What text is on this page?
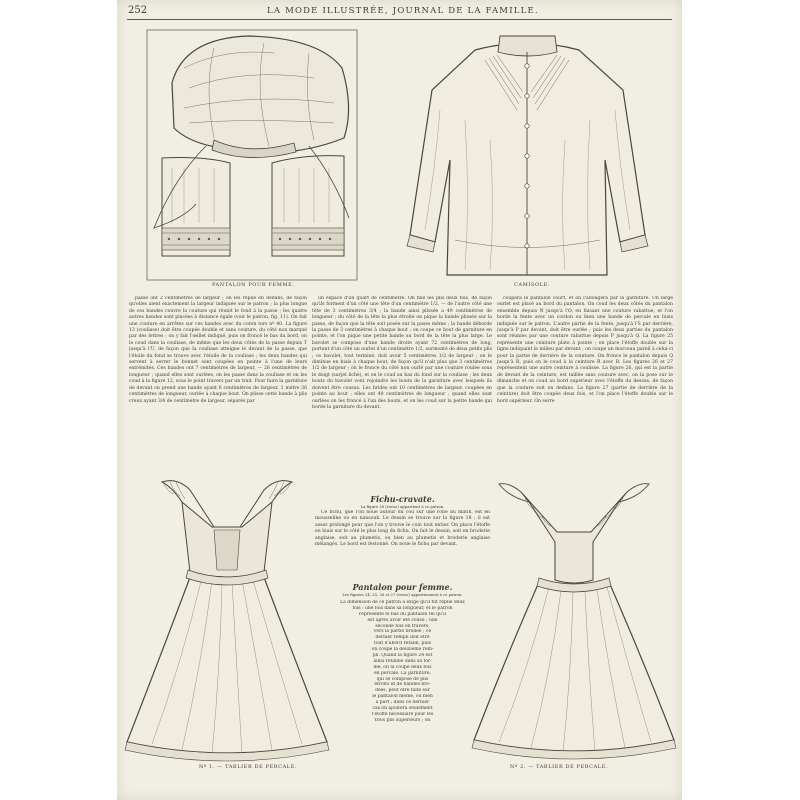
252	LA MODE ILLUSTRÉE, JOURNAL DE LA FAMILLE.
PANTALON POUR FEMME.	CAMISOLE.

passe ont 2 centimètres de largeur ; on les replie en dedans, de façon qu'elles aient exactement la largeur indiquée sur le patron ; la plus longue de ces bandes couvre la couture qui réunit le fond à la passe ; les quatre autres bandes sont placées à distance égale (voir le patron, fig. 11). On fait une couture en arrêtes sur ces bandes avec du coton tors nº 40. La figure 13 (couliase) doit être coupée double et sans couture, du côté non marqué par des lettres ; on y fait l'œillet indiqué, puis on froncé le bas du bord, on le coud dans la couliase, de même que les deux côtés de la passe depuis T jusqu'à l'U, de façon que la couliase atteigne le devant de la passe, que l'étoile du fond se trouve avec l'étoile de la couliase ; les deux bandes qui servent à serrer le bonnet sont coupées en pointe à l'une de leurs extrémités. Ces bandes ont 7 centimètres de largeur, — 28 centimètres de longueur ; quand elles sont ourlées, on les passe dans la couliase et on les coud à la figure 12, sous le point travers par un trait. Pour faire la garniture de devant on prend une bande ayant 6 centimètres de largeur, 1 mètre 36 centimètres de longueur, ourlée à chaque bout. On plisse cette bande à plis creux ayant 3/4 de centimètre de largeur, séparés par

un espace d'un quart de centimètre. On fixe les plis deux fois, de façon qu'ils forment d'un côté une tête d'un centimètre 1/2, — de l'autre côté une tête de 3 centimètres 3/4 ; la bande ainsi plissée a 49 centimètres de longueur ; du côté de la tête la plus étroite on pique la bande plissée sur la passe, de façon que la tête soit posée sur la passe même ; la bande déborde la passe de 3 centimètres à chaque bout ; on coupe ce bout de garniture en pointe, et l'on pique une petite bande au bord de la tête la plus large. Le bavolet se compose d'une bande droite ayant 72 centimètres de long, portant d'un côté un ourlet d'un centimètre 1/2, surmonté de deux petits plis ; ce bavolet, tout terminé, doit avoir 5 centimètres 1/2 de largeur ; on le diminue en biais à chaque bout, de façon qu'il n'ait plus que 3 centimètres 1/2 de largeur ; on le fronce du côté non ourlé par une couture roulée sous le doigt (surjet liché), et on le coud au bas du fond sur la couliase ; les deux bouts du bavolet vont rejoindre les bouts de la garniture avec lesquels ils doivent être cousus. Les brides ont 10 centimètres de largeur, coupées en pointe au bout ; elles ont 40 centimètres de longueur ; quand elles sont ourlées on les froncé à l'un des bouts, et on les coud sur la petite bande qui borde la garniture du devant.

coupera le pantalon court, et on l'allongera par la garniture. Un large ourlet est placé au bord du pantalon. On coud les deux côtés du pantalon ensemble depuis N jusqu'à l'O, en faisant une couture rabattue, et l'on borde la fente avec un cordon ou bien une bande de percale en biais indiquée sur le patron. L'autre partie de la fente, jusqu'à l'S par derrière, jusqu'à P par devant, doit être ourlée ; puis les deux parties du pantalon sont réunies par une couture rabattue depuis P jusqu'à Q. La figure 25 représente une ceinture plate à pointe ; on place l'étoffe double sur la ligne indiquant le milieu par devant ; on coupe un morceau pareil à celui-ci pour la partie de derrière de la ceinture. On fronce le pantalon depuis Q jusqu'à R, puis on le coud à la ceinture R avec R. Les figures 26 et 27 représentent une autre ceinture à coulisse. La figure 26, qui est la partie de devant de la ceinture, est taillée sans couture avec, on la pose sur le dimanche et on coud au bord supérieur avec l'étoffe du dessus, de façon que la couture soit en dedans. La figure 27 (partie de derrière de la ceinture) doit être coupée deux fois, et l'on place l'étoffe double sur le bord supérieur. On serre

Fichu-cravate.
La figure 28 (verso) appartient à ce patron.

Ce fichu, que l'on noue autour du cou sur une robe du matin, est en mousseline ou en nansouk. Le dessin se trouve sur la figure 18 ; il est assez prolongé pour que l'on y trouve le coin tout entier. On place l'étoffe en biais sur le côté le plus long du fichu. On fait le dessin, soit en broderie anglaise, soit au plumetis, ou bien au plumetis et broderie anglaise mélangés. Le bord est festonné. On noue le fichu par devant.

Pantalon pour femme.
Les figures 24, 25, 26 et 27 (verso) appartiennent à ce patron.
La dimension de ce patron a exigé qu'il fût replié deux
fois : une fois dans sa longueur, et le patron
représente le bas du pantalon tel qu'il
est après avoir été cousu ; une
seconde fois en travers,
vers la partie brodée ; ce
dernier rempli doit être
tout d'abord rétabli, puis
on coupe la deuxième rem-
pli. Quand la figure 24 est
ainsi rétablie dans sa for-
me, on la coupe deux fois
en percale. La garniture,
qui se compose de plis
étroits et de bandes bro-
dées, peut être faite sur
le pantalon même, ou bien
à part ; dans ce dernier
cas on ajoutera seulement
l'étoffe nécessaire pour les
trois plis supérieurs ; on
Nº 1. — TABLIER DE PERCALE.	Nº 2. — TABLIER DE PERCALE.
